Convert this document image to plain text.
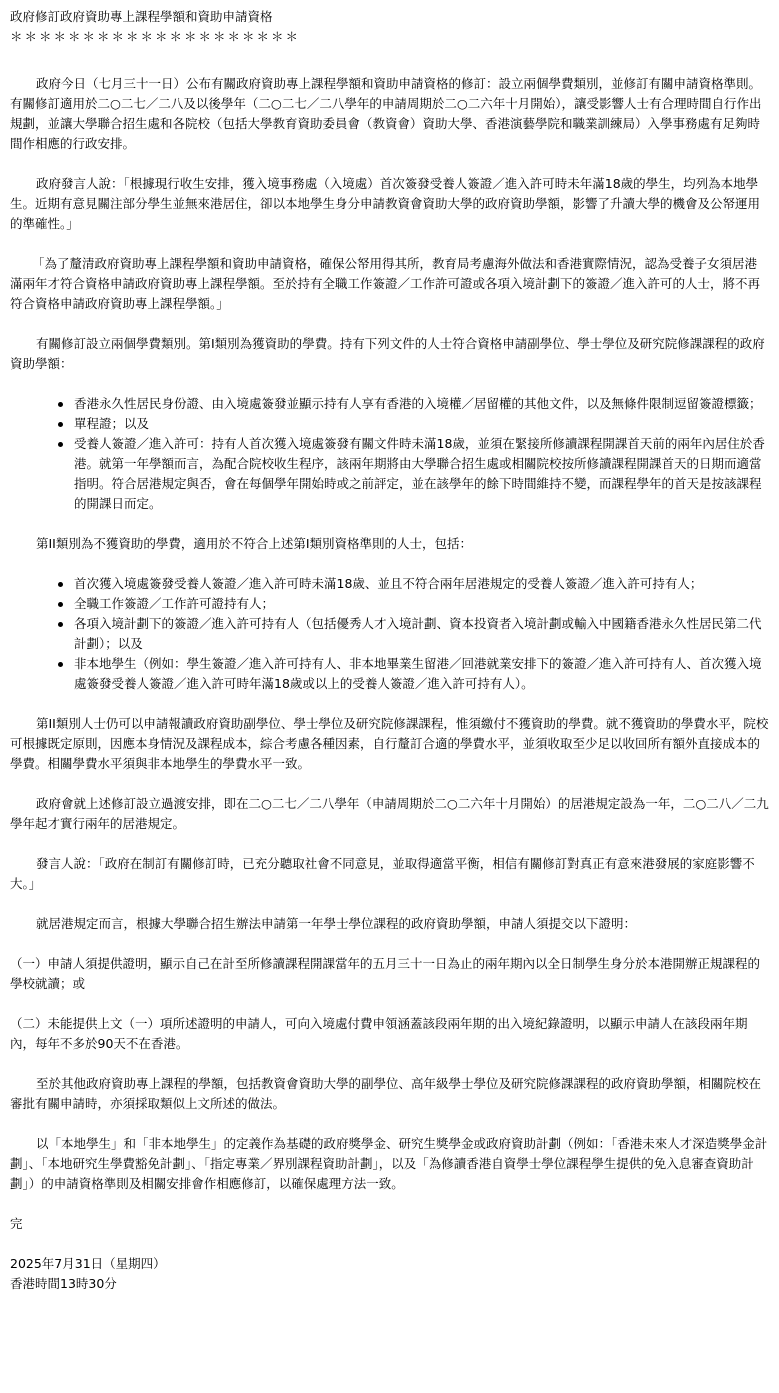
政府修訂政府資助專上課程學額和資助申請資格

＊＊＊＊＊＊＊＊＊＊＊＊＊＊＊＊＊＊＊＊

政府今日（七月三十一日）公布有關政府資助專上課程學額和資助申請資格的修訂：設立兩個學費類別，並修訂有關申請資格準則。有關修訂適用於二○二七／二八及以後學年（二○二七／二八學年的申請周期於二○二六年十月開始），讓受影響人士有合理時間自行作出規劃，並讓大學聯合招生處和各院校（包括大學教育資助委員會（教資會）資助大學、香港演藝學院和職業訓練局）入學事務處有足夠時間作相應的行政安排。

政府發言人說：「根據現行收生安排，獲入境事務處（入境處）首次簽發受養人簽證／進入許可時未年滿18歲的學生，均列為本地學生。近期有意見關注部分學生並無來港居住，卻以本地學生身分申請教資會資助大學的政府資助學額，影響了升讀大學的機會及公帑運用的準確性。」

「為了釐清政府資助專上課程學額和資助申請資格，確保公帑用得其所，教育局考慮海外做法和香港實際情況，認為受養子女須居港滿兩年才符合資格申請政府資助專上課程學額。至於持有全職工作簽證／工作許可證或各項入境計劃下的簽證／進入許可的人士，將不再符合資格申請政府資助專上課程學額。」

有關修訂設立兩個學費類別。第I類別為獲資助的學費。持有下列文件的人士符合資格申請副學位、學士學位及研究院修課課程的政府資助學額：

香港永久性居民身份證、由入境處簽發並顯示持有人享有香港的入境權／居留權的其他文件，以及無條件限制逗留簽證標籤；
單程證；以及
受養人簽證／進入許可：持有人首次獲入境處簽發有關文件時未滿18歲，並須在緊接所修讀課程開課首天前的兩年內居住於香港。就第一年學額而言，為配合院校收生程序，該兩年期將由大學聯合招生處或相關院校按所修讀課程開課首天的日期而適當指明。符合居港規定與否，會在每個學年開始時或之前評定，並在該學年的餘下時間維持不變，而課程學年的首天是按該課程的開課日而定。

第II類別為不獲資助的學費，適用於不符合上述第I類別資格準則的人士，包括：

首次獲入境處簽發受養人簽證／進入許可時未滿18歲、並且不符合兩年居港規定的受養人簽證／進入許可持有人；
全職工作簽證／工作許可證持有人；
各項入境計劃下的簽證／進入許可持有人（包括優秀人才入境計劃、資本投資者入境計劃或輸入中國籍香港永久性居民第二代計劃）；以及
非本地學生（例如：學生簽證／進入許可持有人、非本地畢業生留港／回港就業安排下的簽證／進入許可持有人、首次獲入境處簽發受養人簽證／進入許可時年滿18歲或以上的受養人簽證／進入許可持有人）。

第II類別人士仍可以申請報讀政府資助副學位、學士學位及研究院修課課程，惟須繳付不獲資助的學費。就不獲資助的學費水平，院校可根據既定原則，因應本身情況及課程成本，綜合考慮各種因素，自行釐訂合適的學費水平，並須收取至少足以收回所有額外直接成本的學費。相關學費水平須與非本地學生的學費水平一致。

政府會就上述修訂設立過渡安排，即在二○二七／二八學年（申請周期於二○二六年十月開始）的居港規定設為一年，二○二八／二九學年起才實行兩年的居港規定。

發言人說：「政府在制訂有關修訂時，已充分聽取社會不同意見，並取得適當平衡，相信有關修訂對真正有意來港發展的家庭影響不大。」

就居港規定而言，根據大學聯合招生辦法申請第一年學士學位課程的政府資助學額，申請人須提交以下證明：

（一）申請人須提供證明，顯示自己在計至所修讀課程開課當年的五月三十一日為止的兩年期內以全日制學生身分於本港開辦正規課程的學校就讀；或

（二）未能提供上文（一）項所述證明的申請人，可向入境處付費申領涵蓋該段兩年期的出入境紀錄證明，以顯示申請人在該段兩年期內，每年不多於90天不在香港。

至於其他政府資助專上課程的學額，包括教資會資助大學的副學位、高年級學士學位及研究院修課課程的政府資助學額，相關院校在審批有關申請時，亦須採取類似上文所述的做法。

以「本地學生」和「非本地學生」的定義作為基礎的政府獎學金、研究生獎學金或政府資助計劃（例如：「香港未來人才深造獎學金計劃」、「本地研究生學費豁免計劃」、「指定專業／界別課程資助計劃」，以及「為修讀香港自資學士學位課程學生提供的免入息審查資助計劃」）的申請資格準則及相關安排會作相應修訂，以確保處理方法一致。

完

2025年7月31日（星期四）

香港時間13時30分
